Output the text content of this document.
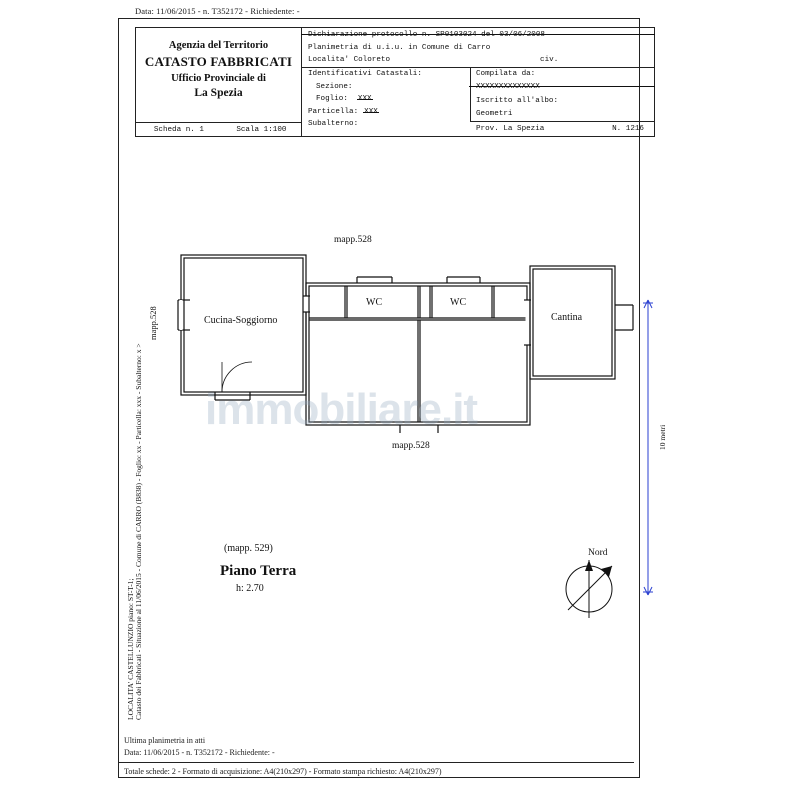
Data: 11/06/2015 - n. T352172 - Richiedente: -
Agenzia del Territorio
CATASTO FABBRICATI
Ufficio Provinciale di
La Spezia
Scheda n. 1	Scala 1:100
Dichiarazione protocollo n. SP0103024 del 03/06/2008
Planimetria di u.i.u. in Comune di Carro
Localita' Coloreto	civ.
Identificativi Catastali:
Sezione:
Foglio: XXX
Particella: XXX
Subalterno:
Compilata da:
XXXXXXXXXXXXXX
Iscritto all'albo:
Geometri
Prov. La Spezia	N. 1216
Catasto dei Fabbricati - Situazione al 11/06/2015 - Comune di CARRO (B838) - Foglio: xx - Particella: xxx - Subalterno: x >
LOCALITA' CASTELLUNZIO piano: ST-T-1;
mapp.528
10 metri
Cucina-Soggiorno
WC	WC
Cantina
mapp.528
mapp.528
(mapp. 529)
Piano Terra
h: 2.70
Nord
immobiliare.it
Ultima planimetria in atti
Data: 11/06/2015 - n. T352172 - Richiedente: -
Totale schede: 2 - Formato di acquisizione: A4(210x297) - Formato stampa richiesto: A4(210x297)
